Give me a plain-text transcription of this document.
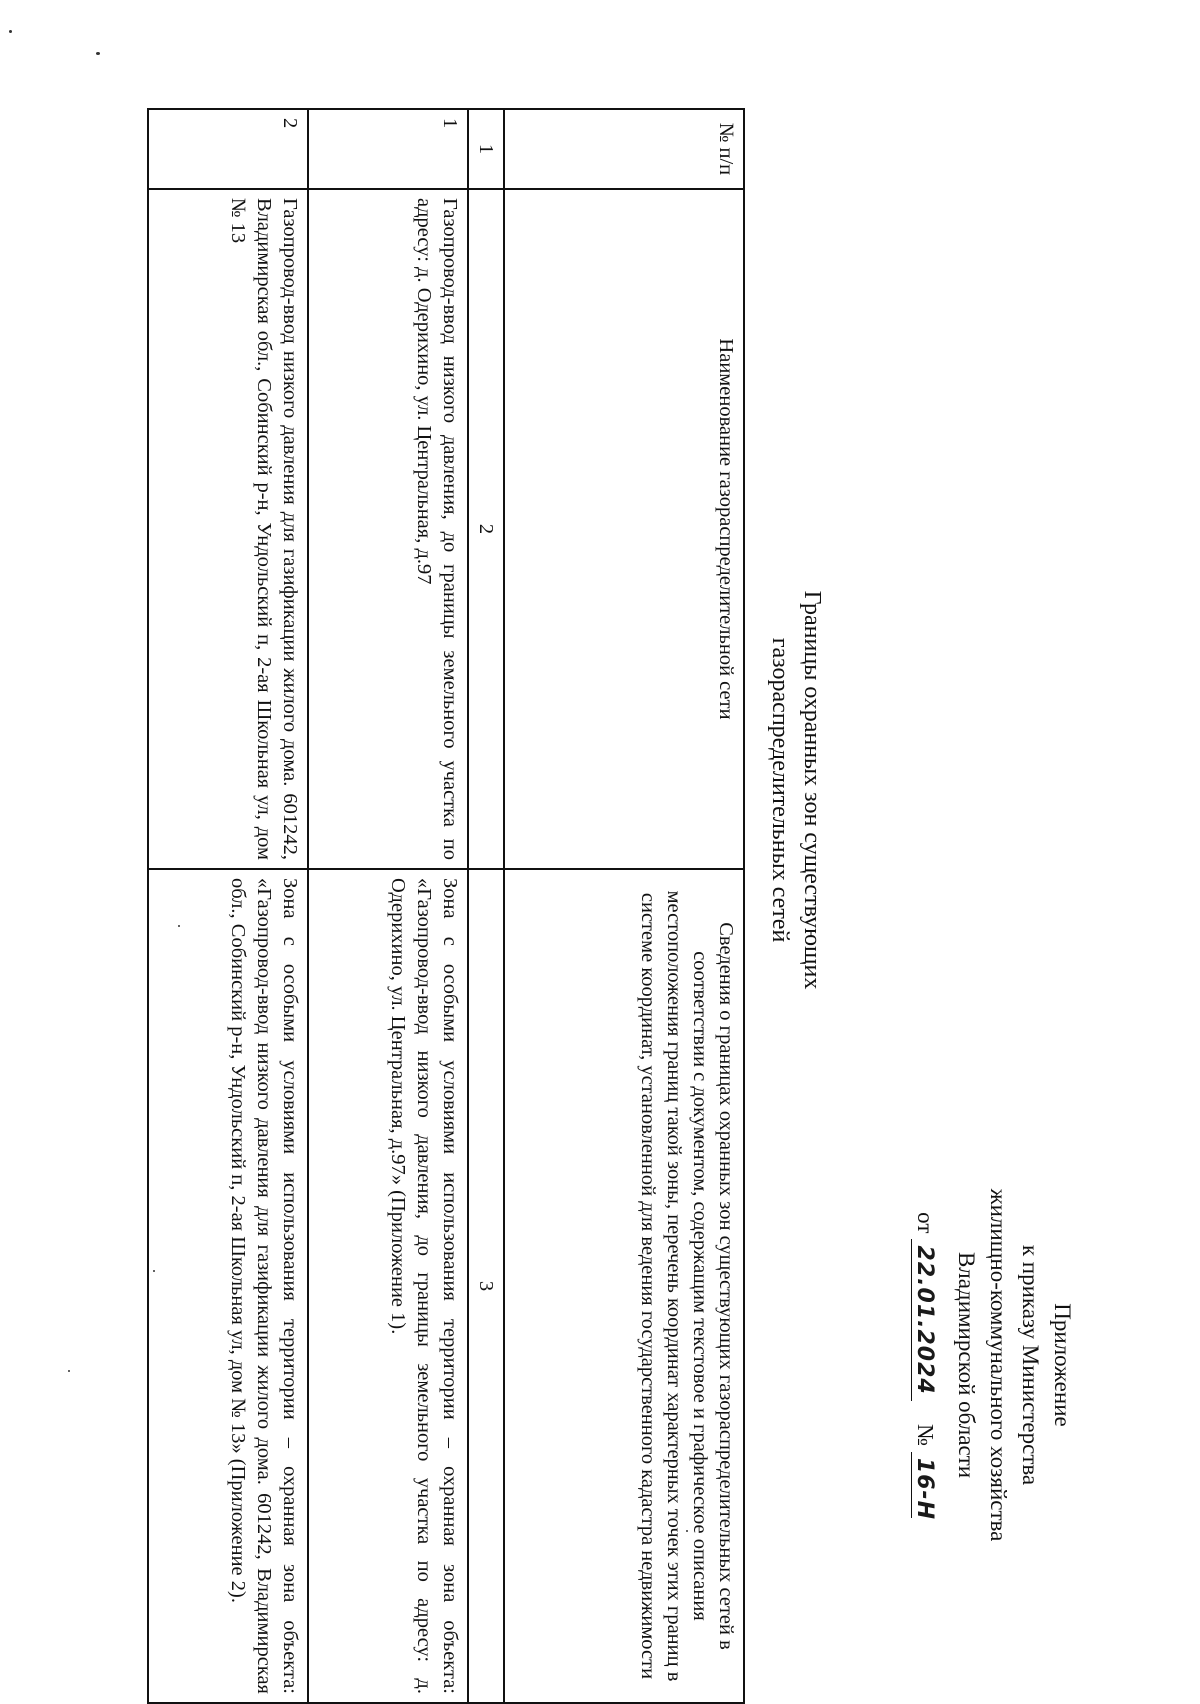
Приложение
к приказу Министерства
жилищно-коммунального хозяйства
Владимирской области
от 22.01.2024    № 16-Н
Границы охранных зон существующих
газораспределительных сетей
№ п/п	Наименование газораспределительной сети	Сведения о границах охранных зон существующих газораспределительных сетей в соответствии с документом, содержащим текстовое и графическое описания местоположения границ такой зоны, перечень координат характерных точек этих границ в системе координат, установленной для ведения государственного кадастра недвижимости
1	2	3
1	Газопровод-ввод низкого давления, до границы земельного участка по адресу: д. Одерихино, ул. Центральная, д.97	Зона с особыми условиями использования территории – охранная зона объекта: «Газопровод-ввод низкого давления, до границы земельного участка по адресу: д. Одерихино, ул. Центральная, д.97» (Приложение 1).
2	Газопровод-ввод низкого давления для газификации жилого дома. 601242, Владимирская обл., Собинский р-н, Ундольский п, 2-ая Школьная ул, дом № 13	Зона с особыми условиями использования территории – охранная зона объекта: «Газопровод-ввод низкого давления для газификации жилого дома. 601242, Владимирская обл., Собинский р-н, Ундольский п, 2-ая Школьная ул, дом № 13» (Приложение 2).
